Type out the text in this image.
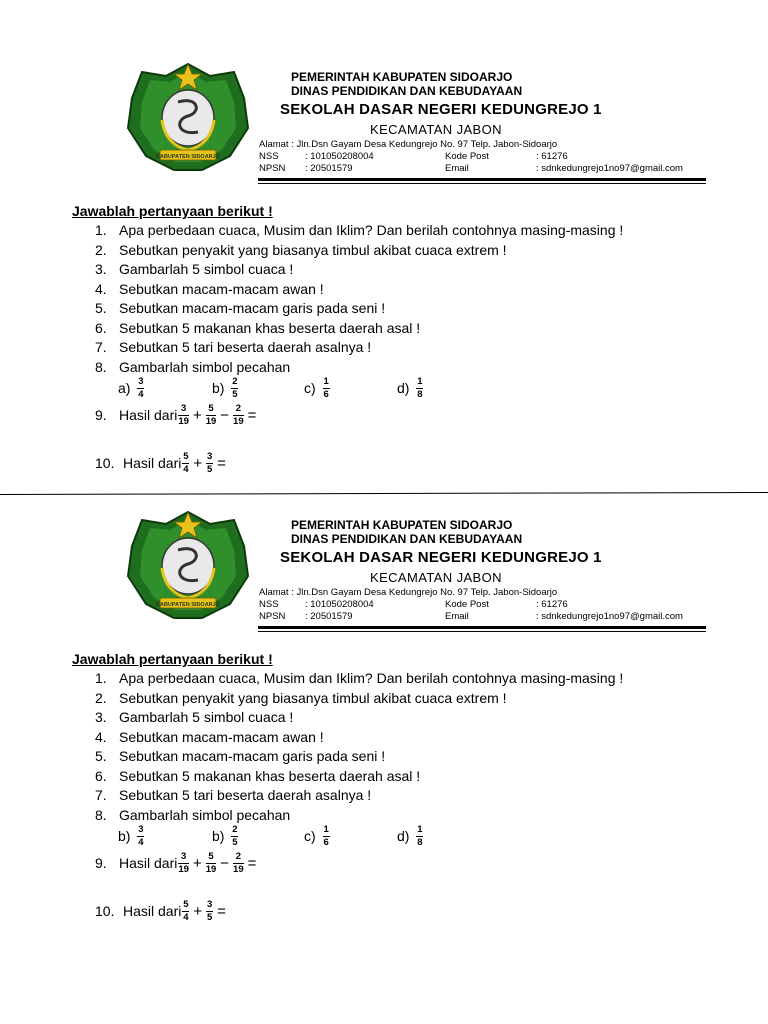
KABUPATEN SIDOARJO
PEMERINTAH KABUPATEN SIDOARJO
DINAS PENDIDIKAN DAN KEBUDAYAAN
SEKOLAH DASAR NEGERI KEDUNGREJO 1
KECAMATAN JABON
Alamat : Jln.Dsn Gayam Desa Kedungrejo No. 97 Telp. Jabon-Sidoarjo
NSS	: 101050208004	Kode Post	: 61276
NPSN : 20501579	Email	: sdnkedungrejo1no97@gmail.com
Jawablah pertanyaan berikut !
1. Apa perbedaan cuaca, Musim dan Iklim? Dan berilah contohnya masing-masing !
2. Sebutkan penyakit yang biasanya timbul akibat cuaca extrem !
3. Gambarlah 5 simbol cuaca !
4. Sebutkan macam-macam awan !
5. Sebutkan macam-macam garis pada seni !
6. Sebutkan 5 makanan khas beserta daerah asal !
7. Sebutkan 5 tari beserta daerah asalnya !
8. Gambarlah simbol pecahan
$a) \frac{3}{4}$	$b) \frac{2}{5}$	$c) \frac{1}{6}$	$d) \frac{1}{8}$
9. Hasil dari $\frac{3}{19} + \frac{5}{19} - \frac{2}{19}$ =
10. Hasil dari $\frac{5}{4} + \frac{3}{5}$ =
KABUPATEN SIDOARJO
PEMERINTAH KABUPATEN SIDOARJO
DINAS PENDIDIKAN DAN KEBUDAYAAN
SEKOLAH DASAR NEGERI KEDUNGREJO 1
KECAMATAN JABON
Alamat : Jln.Dsn Gayam Desa Kedungrejo No. 97 Telp. Jabon-Sidoarjo
NSS	: 101050208004	Kode Post	: 61276
NPSN : 20501579	Email	: sdnkedungrejo1no97@gmail.com
Jawablah pertanyaan berikut !
1. Apa perbedaan cuaca, Musim dan Iklim? Dan berilah contohnya masing-masing !
2. Sebutkan penyakit yang biasanya timbul akibat cuaca extrem !
3. Gambarlah 5 simbol cuaca !
4. Sebutkan macam-macam awan !
5. Sebutkan macam-macam garis pada seni !
6. Sebutkan 5 makanan khas beserta daerah asal !
7. Sebutkan 5 tari beserta daerah asalnya !
8. Gambarlah simbol pecahan
$b) \frac{3}{4}$	$b) \frac{2}{5}$	$c) \frac{1}{6}$	$d) \frac{1}{8}$
9. Hasil dari $\frac{3}{19} + \frac{5}{19} - \frac{2}{19}$ =
10. Hasil dari $\frac{5}{4} + \frac{3}{5}$ =
